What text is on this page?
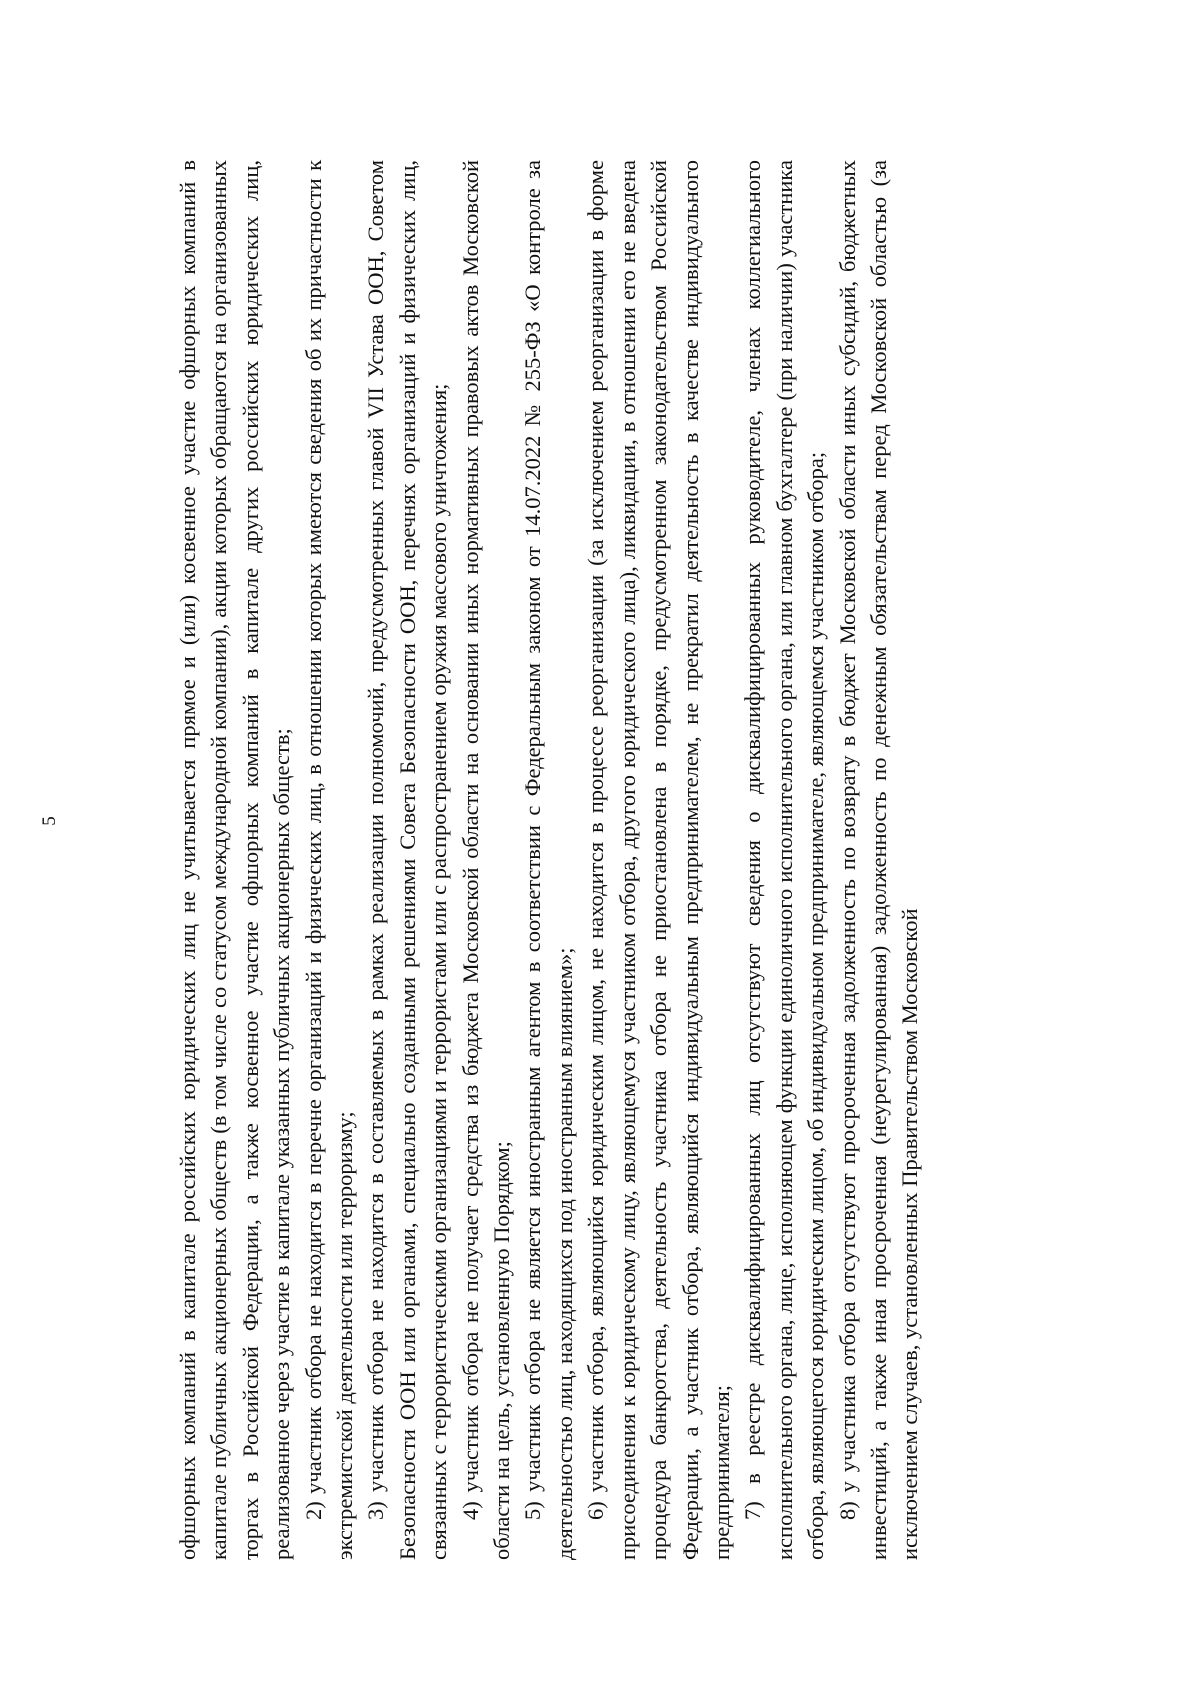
5	офшорных компаний в капитале российских юридических лиц не учитывается прямое и (или) косвенное участие офшорных компаний в капитале публичных акционерных обществ (в том числе со статусом международной компании), акции которых обращаются на организованных торгах в Российской Федерации, а также косвенное участие офшорных компаний в капитале других российских юридических лиц, реализованное через участие в капитале указанных публичных акционерных обществ; 2) участник отбора не находится в перечне организаций и физических лиц, в отношении которых имеются сведения об их причастности к экстремистской деятельности или терроризму; 3) участник отбора не находится в составляемых в рамках реализации полномочий, предусмотренных главой VII Устава ООН, Советом Безопасности ООН или органами, специально созданными решениями Совета Безопасности ООН, перечнях организаций и физических лиц, связанных с террористическими организациями и террористами или с распространением оружия массового уничтожения; 4) участник отбора не получает средства из бюджета Московской области на основании иных нормативных правовых актов Московской области на цель, установленную Порядком; 5) участник отбора не является иностранным агентом в соответствии с Федеральным законом от 14.07.2022 № 255-ФЗ «О контроле за деятельностью лиц, находящихся под иностранным влиянием»; 6) участник отбора, являющийся юридическим лицом, не находится в процессе реорганизации (за исключением реорганизации в форме присоединения к юридическому лицу, являющемуся участником отбора, другого юридического лица), ликвидации, в отношении его не введена процедура банкротства, деятельность участника отбора не приостановлена в порядке, предусмотренном законодательством Российской Федерации, а участник отбора, являющийся индивидуальным предпринимателем, не прекратил деятельность в качестве индивидуального предпринимателя; 7) в реестре дисквалифицированных лиц отсутствуют сведения о дисквалифицированных руководителе, членах коллегиального исполнительного органа, лице, исполняющем функции единоличного исполнительного органа, или главном бухгалтере (при наличии) участника отбора, являющегося юридическим лицом, об индивидуальном предпринимателе, являющемся участником отбора; 8) у участника отбора отсутствуют просроченная задолженность по возврату в бюджет Московской области иных субсидий, бюджетных инвестиций, а также иная просроченная (неурегулированная) задолженность по денежным обязательствам перед Московской областью (за исключением случаев, установленных Правительством Московской
